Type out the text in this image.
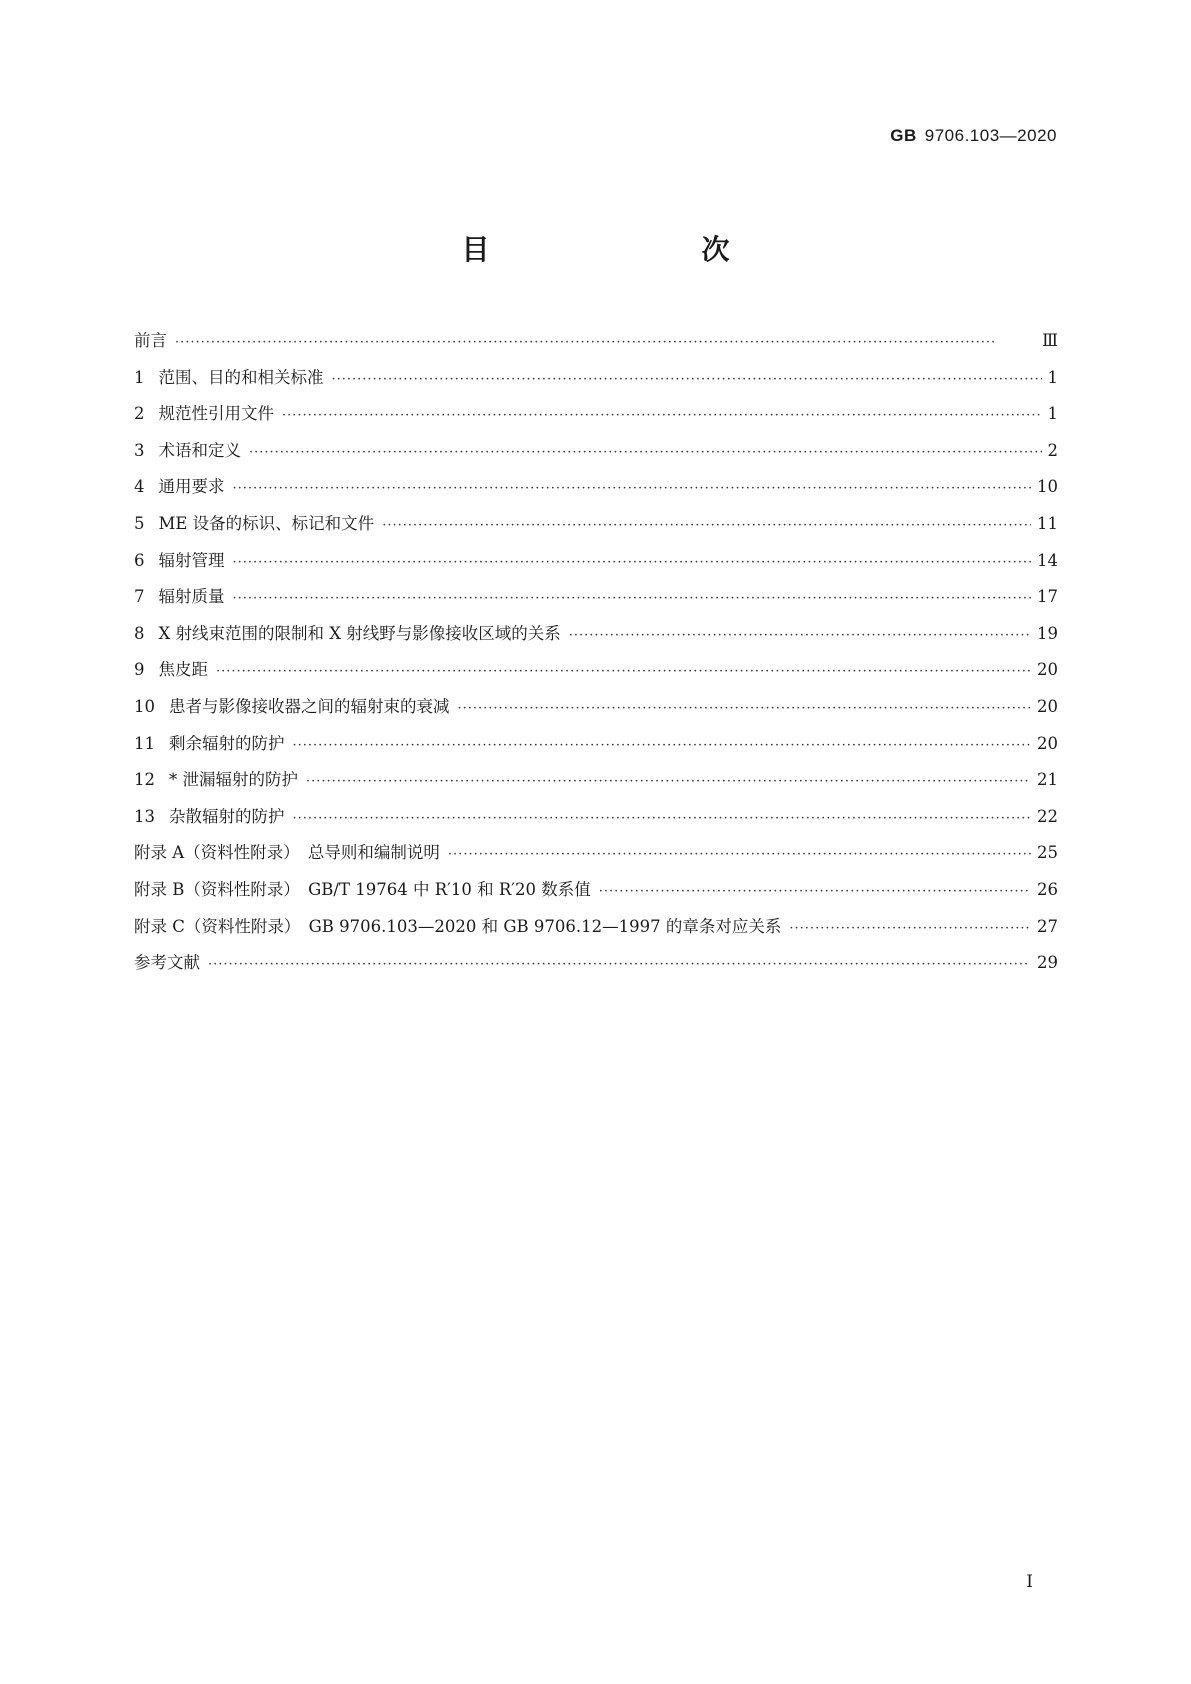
GB 9706.103—2020
目　　次
前言 ·····	Ⅲ
1 范围、目的和相关标准 ·····	1
2 规范性引用文件 ·····	1
3 术语和定义 ·····	2
4 通用要求 ·····	10
5 ME 设备的标识、标记和文件 ·····	11
6 辐射管理 ·····	14
7 辐射质量 ·····	17
8 X 射线束范围的限制和 X 射线野与影像接收区域的关系 ·····	19
9 焦皮距 ·····	20
10 患者与影像接收器之间的辐射束的衰减 ·····	20
11 剩余辐射的防护 ·····	20
12 * 泄漏辐射的防护 ·····	21
13 杂散辐射的防护 ·····	22
附录 A（资料性附录）　总导则和编制说明 ·····	25
附录 B（资料性附录）　GB/T 19764 中 R′10 和 R′20 数系值 ·····	26
附录 C（资料性附录）　GB 9706.103—2020 和 GB 9706.12—1997 的章条对应关系 ·····	27
参考文献 ·····	29
I
